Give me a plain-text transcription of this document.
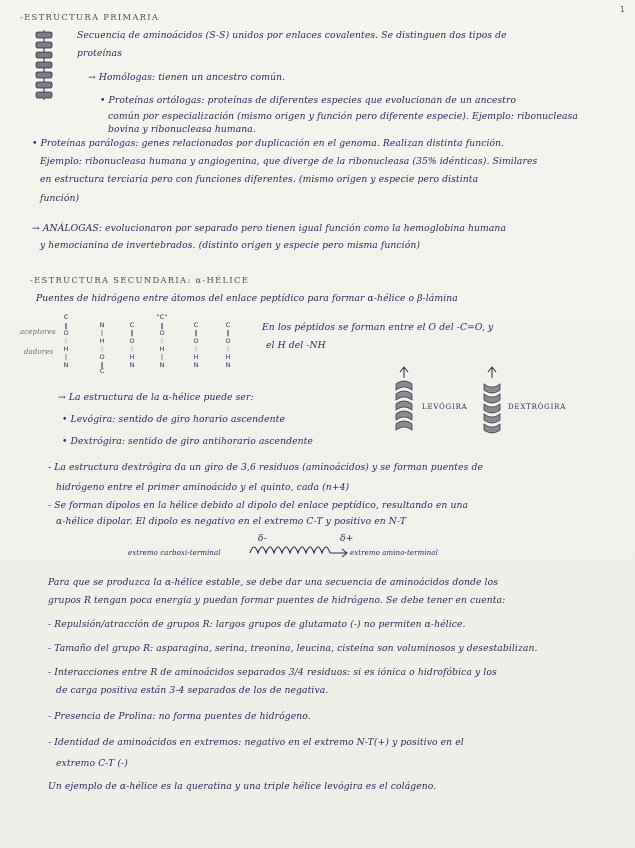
1
-ESTRUCTURA PRIMARIA
Secuencia de aminoácidos (S-S) unidos por enlaces covalentes. Se distinguen dos tipos de
proteínas
→ Homólogas: tienen un ancestro común.
• Proteínas ortólogas: proteínas de diferentes especies que evolucionan de un ancestro
común por especialización (mismo origen y función pero diferente especie). Ejemplo: ribonucleasa
bovina y ribonucleasa humana.
• Proteínas parálogas: genes relacionados por duplicación en el genoma. Realizan distinta función.
Ejemplo: ribonucleasa humana y angiogenina, que diverge de la ribonucleasa (35% idénticas). Similares
en estructura terciaria pero con funciones diferentes. (mismo origen y especie pero distinta
función)
→ ANÁLOGAS: evolucionaron por separado pero tienen igual función como la hemoglobina humana
y hemocianina de invertebrados. (distinto origen y especie pero misma función)
-ESTRUCTURA SECUNDARIA: α-HÉLICE
Puentes de hidrógeno entre átomos del enlace peptídico para formar α-hélice o β-lámina
aceptores
dadores
C
‖
O
⋮
H
|
N
N
|
H
⋮
O
‖
C
C
‖
O
⋮
H
N
"C"
‖
O
⋮
H
|
N
C
‖
O
⋮
H
N
C
‖
O
⋮
H
N
En los péptidos se forman entre el O del -C=O, y
el H del -NH
→ La estructura de la α-hélice puede ser:
• Levógira: sentido de giro horario ascendente
• Dextrógira: sentido de giro antihorario ascendente
LEVÓGIRA	DEXTRÓGIRA
- La estructura dextrógira da un giro de 3,6 residuos (aminoácidos) y se forman puentes de
hidrógeno entre el primer aminoácido y el quinto, cada (n+4)
- Se forman dipolos en la hélice debido al dipolo del enlace peptídico, resultando en una
α-hélice dipolar. El dipolo es negativo en el extremo C-T y positivo en N-T
δ-	δ+
extremo carboxi-terminal	extremo amino-terminal
Para que se produzca la α-hélice estable, se debe dar una secuencia de aminoácidos donde los
grupos R tengan poca energía y puedan formar puentes de hidrógeno. Se debe tener en cuenta:
- Repulsión/atracción de grupos R: largos grupos de glutamato (-) no permiten α-hélice.
- Tamaño del grupo R: asparagina, serina, treonina, leucina, cisteína son voluminosos y desestabilizan.
- Interacciones entre R de aminoácidos separados 3/4 residuos: si es iónica o hidrofóbica y los
de carga positiva están 3-4 separados de los de negativa.
- Presencia de Prolina: no forma puentes de hidrógeno.
- Identidad de aminoácidos en extremos: negativo en el extremo N-T(+) y positivo en el
extremo C-T (-)
Un ejemplo de α-hélice es la queratina y una triple hélice levógira es el colágeno.
